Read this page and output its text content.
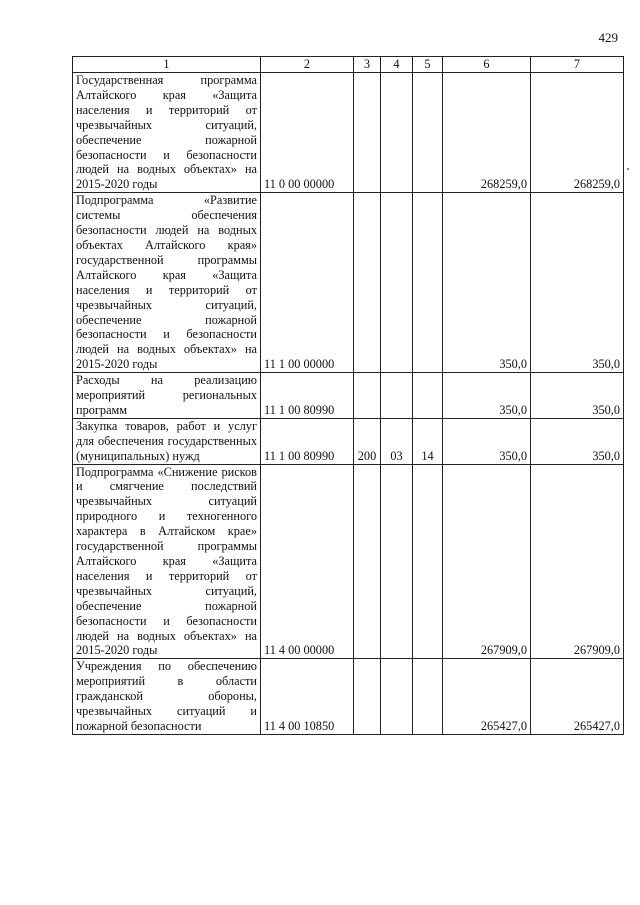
429
1	2	3	4	5	6	7
Государственная программа Алтайского края «Защита населения и территорий от чрезвычайных ситуаций, обеспечение пожарной безопасности и безопасности людей на водных объектах» на 2015-2020 годы	11 0 00 00000				268259,0	268259,0
Подпрограмма «Развитие системы обеспечения безопасности людей на водных объектах Алтайского края» государственной программы Алтайского края «Защита населения и территорий от чрезвычайных ситуаций, обеспечение пожарной безопасности и безопасности людей на водных объектах» на 2015-2020 годы	11 1 00 00000				350,0	350,0
Расходы на реализацию мероприятий региональных программ	11 1 00 80990				350,0	350,0
Закупка товаров, работ и услуг для обеспечения государственных (муниципальных) нужд	11 1 00 80990	200	03	14	350,0	350,0
Подпрограмма «Снижение рисков и смягчение последствий чрезвычайных ситуаций природного и техногенного характера в Алтайском крае» государственной программы Алтайского края «Защита населения и территорий от чрезвычайных ситуаций, обеспечение пожарной безопасности и безопасности людей на водных объектах» на 2015-2020 годы	11 4 00 00000				267909,0	267909,0
Учреждения по обеспечению мероприятий в области гражданской обороны, чрезвычайных ситуаций и пожарной безопасности	11 4 00 10850				265427,0	265427,0
